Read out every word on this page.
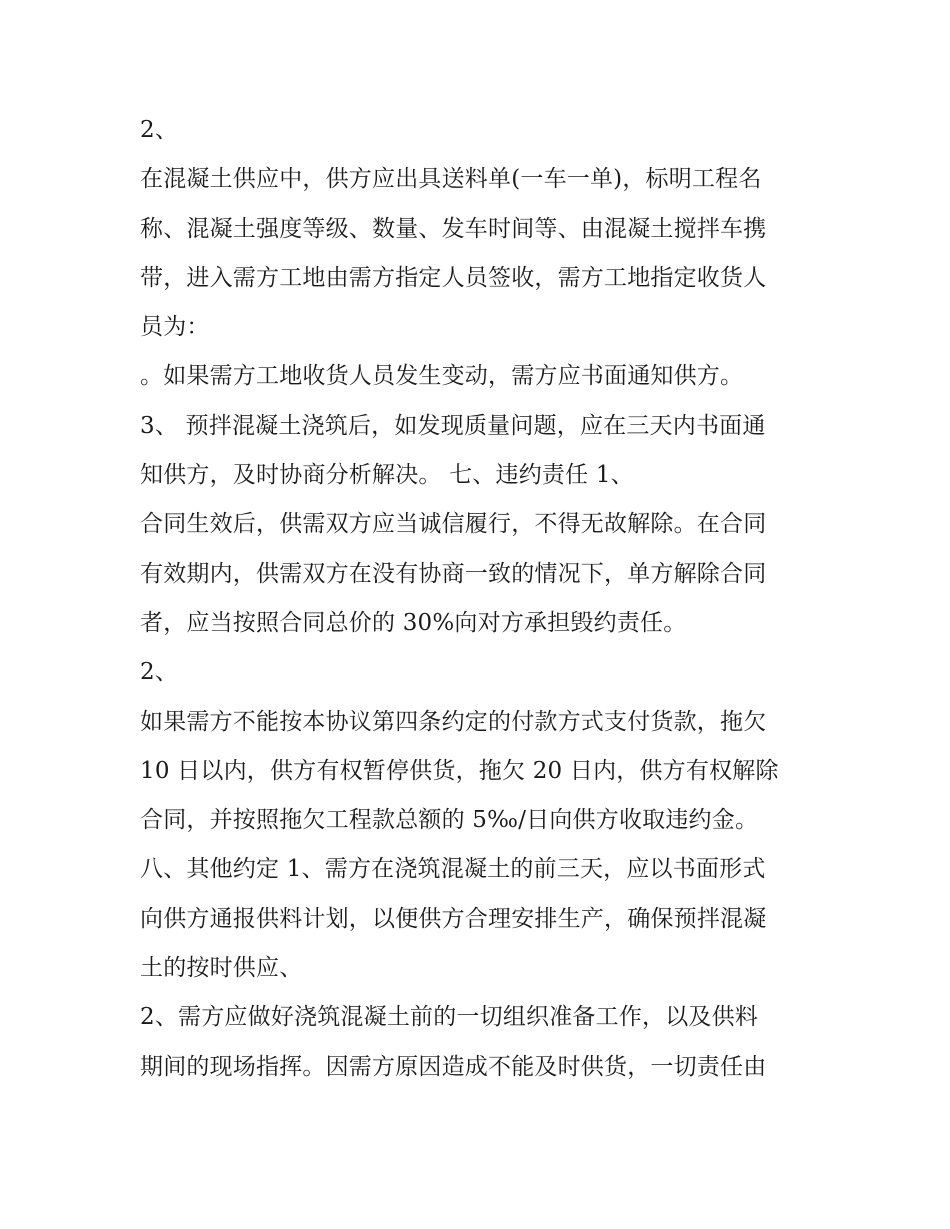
2、
在混凝土供应中，供方应出具送料单(一车一单)，标明工程名
称、混凝土强度等级、数量、发车时间等、由混凝土搅拌车携
带，进入需方工地由需方指定人员签收，需方工地指定收货人
员为：
。如果需方工地收货人员发生变动，需方应书面通知供方。
3、 预拌混凝土浇筑后，如发现质量问题，应在三天内书面通
知供方，及时协商分析解决。 七、违约责任 1、
合同生效后，供需双方应当诚信履行，不得无故解除。在合同
有效期内，供需双方在没有协商一致的情况下，单方解除合同
者，应当按照合同总价的 30%向对方承担毁约责任。
2、
如果需方不能按本协议第四条约定的付款方式支付货款，拖欠
10 日以内，供方有权暂停供货，拖欠 20 日内，供方有权解除
合同，并按照拖欠工程款总额的 5‰/日向供方收取违约金。
八、其他约定 1、需方在浇筑混凝土的前三天，应以书面形式
向供方通报供料计划，以便供方合理安排生产，确保预拌混凝
土的按时供应、
2、需方应做好浇筑混凝土前的一切组织准备工作，以及供料
期间的现场指挥。因需方原因造成不能及时供货，一切责任由
